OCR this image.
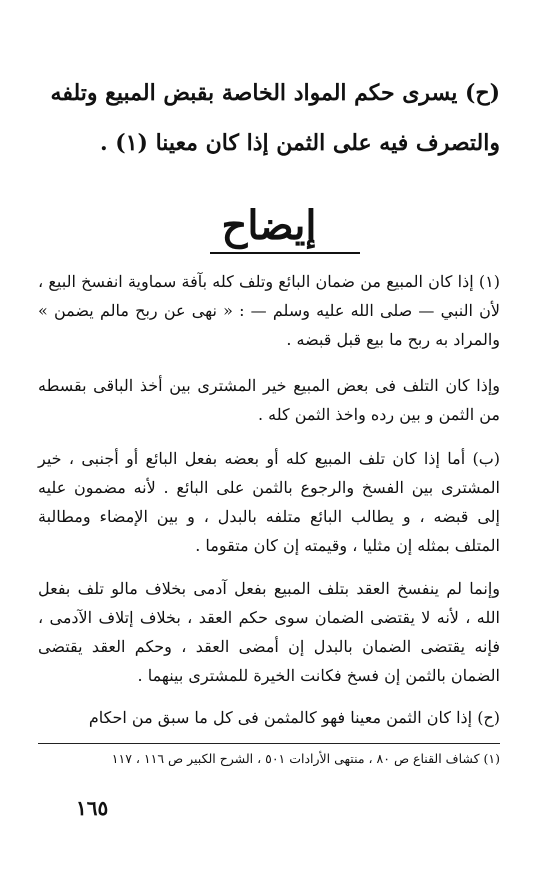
(ح) يسرى حكم المواد الخاصة بقبض المبيع وتلفه والتصرف فيه على الثمن إذا كان معينا (١) .

إيضاح

(١) إذا كان المبيع من ضمان البائع وتلف كله بآفة سماوية انفسخ البيع ، لأن النبي — صلى الله عليه وسلم — : « نهى عن ربح مالم يضمن » والمراد به ربح ما بيع قبل قبضه .

وإذا كان التلف فى بعض المبيع خير المشترى بين أخذ الباقى بقسطه من الثمن و بين رده واخذ الثمن كله .

(ب) أما إذا كان تلف المبيع كله أو بعضه بفعل البائع أو أجنبى ، خير المشترى بين الفسخ والرجوع بالثمن على البائع . لأنه مضمون عليه إلى قبضه ، و يطالب البائع متلفه بالبدل ، و بين الإمضاء ومطالبة المتلف بمثله إن مثليا ، وقيمته إن كان متقوما .

وإنما لم ينفسخ العقد بتلف المبيع بفعل آدمى بخلاف مالو تلف بفعل الله ، لأنه لا يقتضى الضمان سوى حكم العقد ، بخلاف إتلاف الآدمى ، فإنه يقتضى الضمان بالبدل إن أمضى العقد ، وحكم العقد يقتضى الضمان بالثمن إن فسخ فكانت الخيرة للمشترى بينهما .

(ح) إذا كان الثمن معينا فهو كالمثمن فى كل ما سبق من احكام

(١) كشاف القناع ص ٨٠ ، منتهى الأرادات ٥٠١ ، الشرح الكبير ص ١١٦ ، ١١٧

١٦٥
